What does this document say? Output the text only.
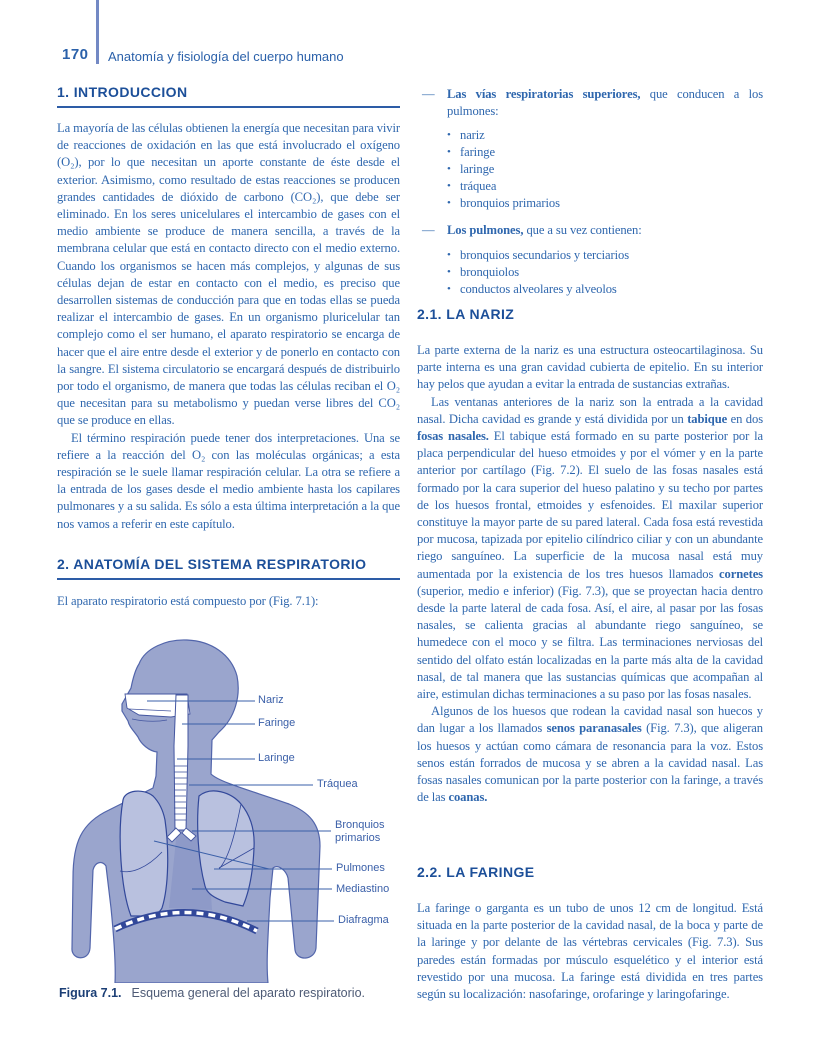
170 Anatomía y fisiología del cuerpo humano
1. INTRODUCCION

La mayoría de las células obtienen la energía que necesitan para vivir de reacciones de oxidación en las que está involucrado el oxígeno (O₂), por lo que necesitan un aporte constante de éste desde el exterior. Asimismo, como resultado de estas reacciones se producen grandes cantidades de dióxido de carbono (CO₂), que debe ser eliminado. En los seres unicelulares el intercambio de gases con el medio ambiente se produce de manera sencilla, a través de la membrana celular que está en contacto directo con el medio externo. Cuando los organismos se hacen más complejos, y algunas de sus células dejan de estar en contacto con el medio, es preciso que desarrollen sistemas de conducción para que en todas ellas se pueda realizar el intercambio de gases. En un organismo pluricelular tan complejo como el ser humano, el aparato respiratorio se encarga de hacer que el aire entre desde el exterior y de ponerlo en contacto con la sangre. El sistema circulatorio se encargará después de distribuirlo por todo el organismo, de manera que todas las células reciban el O₂ que necesitan para su metabolismo y puedan verse libres del CO₂ que se produce en ellas.

El término respiración puede tener dos interpretaciones. Una se refiere a la reacción del O₂ con las moléculas orgánicas; a esta respiración se le suele llamar respiración celular. La otra se refiere a la entrada de los gases desde el medio ambiente hasta los capilares pulmonares y a su salida. Es sólo a esta última interpretación a la que nos vamos a referir en este capítulo.

2. ANATOMÍA DEL SISTEMA RESPIRATORIO
El aparato respiratorio está compuesto por (Fig. 7.1):
Nariz
Faringe
Laringe
Tráquea
Bronquios primarios
Pulmones
Mediastino
Diafragma
Figura 7.1. Esquema general del aparato respiratorio.
— Las vías respiratorias superiores, que conducen a los pulmones:
• nariz
• faringe
• laringe
• tráquea
• bronquios primarios
— Los pulmones, que a su vez contienen:
• bronquios secundarios y terciarios
• bronquiolos
• conductos alveolares y alveolos
2.1. LA NARIZ

La parte externa de la nariz es una estructura osteocartilaginosa. Su parte interna es una gran cavidad cubierta de epitelio. En su interior hay pelos que ayudan a evitar la entrada de sustancias extrañas.

Las ventanas anteriores de la nariz son la entrada a la cavidad nasal. Dicha cavidad es grande y está dividida por un tabique en dos fosas nasales. El tabique está formado en su parte posterior por la placa perpendicular del hueso etmoides y por el vómer y en la parte anterior por cartílago (Fig. 7.2). El suelo de las fosas nasales está formado por la cara superior del hueso palatino y su techo por partes de los huesos frontal, etmoides y esfenoides. El maxilar superior constituye la mayor parte de su pared lateral. Cada fosa está revestida por mucosa, tapizada por epitelio cilíndrico ciliar y con un abundante riego sanguíneo. La superficie de la mucosa nasal está muy aumentada por la existencia de los tres huesos llamados cornetes (superior, medio e inferior) (Fig. 7.3), que se proyectan hacia dentro desde la parte lateral de cada fosa. Así, el aire, al pasar por las fosas nasales, se calienta gracias al abundante riego sanguíneo, se humedece con el moco y se filtra. Las terminaciones nerviosas del sentido del olfato están localizadas en la parte más alta de la cavidad nasal, de tal manera que las sustancias químicas que acompañan al aire, estimulan dichas terminaciones a su paso por las fosas nasales.

Algunos de los huesos que rodean la cavidad nasal son huecos y dan lugar a los llamados senos paranasales (Fig. 7.3), que aligeran los huesos y actúan como cámara de resonancia para la voz. Estos senos están forrados de mucosa y se abren a la cavidad nasal. Las fosas nasales comunican por la parte posterior con la faringe, a través de las coanas.

2.2. LA FARINGE

La faringe o garganta es un tubo de unos 12 cm de longitud. Está situada en la parte posterior de la cavidad nasal, de la boca y parte de la laringe y por delante de las vértebras cervicales (Fig. 7.3). Sus paredes están formadas por músculo esquelético y el interior está revestido por una mucosa. La faringe está dividida en tres partes según su localización: nasofaringe, orofaringe y laringofaringe.
